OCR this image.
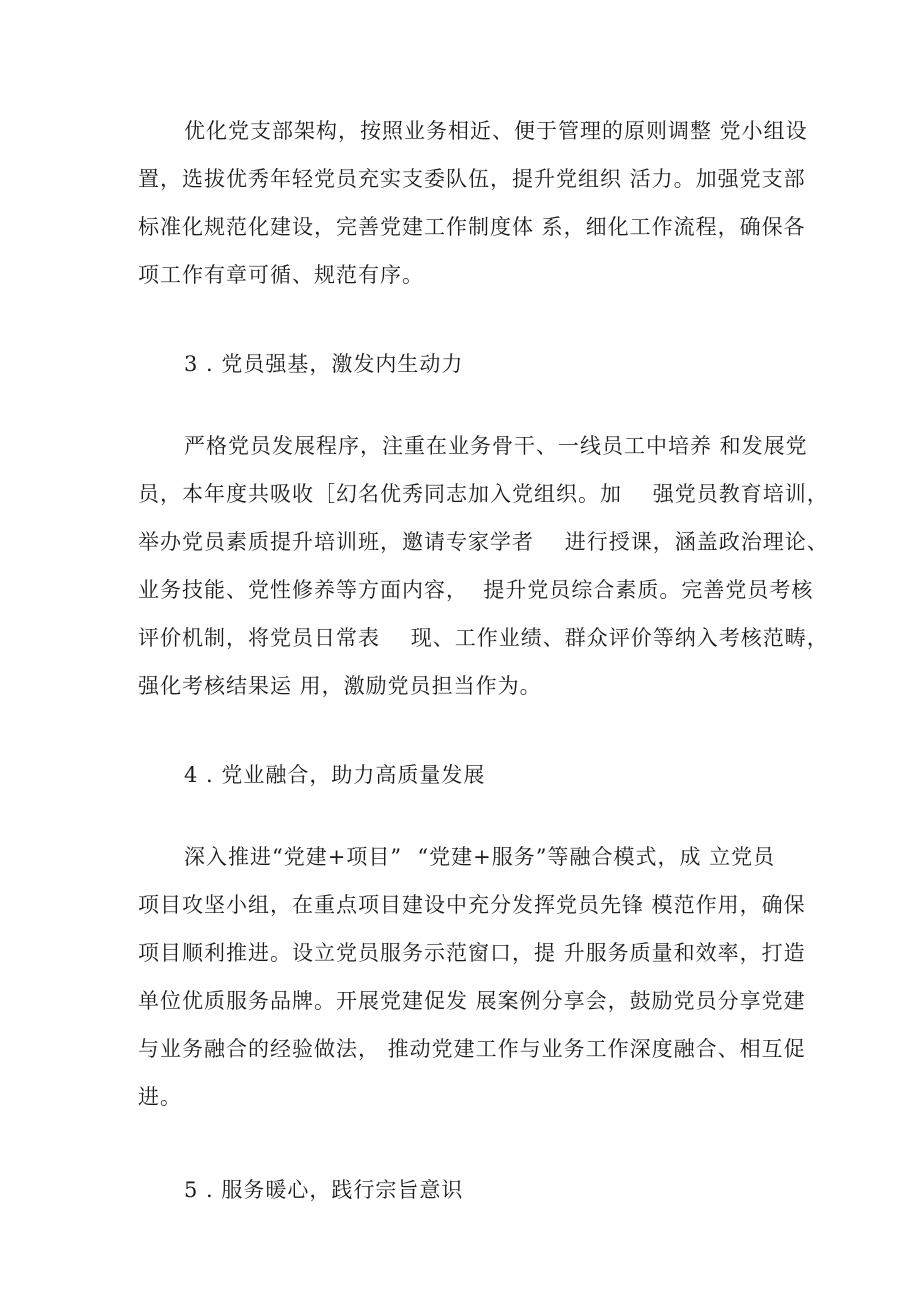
优化党支部架构，按照业务相近、便于管理的原则调整 党小组设
置，选拔优秀年轻党员充实支委队伍，提升党组织 活力。加强党支部
标准化规范化建设，完善党建工作制度体 系，细化工作流程，确保各
项工作有章可循、规范有序。
3 . 党员强基，激发内生动力
严格党员发展程序，注重在业务骨干、一线员工中培养 和发展党
员，本年度共吸收［幻名优秀同志加入党组织。加    强党员教育培训，
举办党员素质提升培训班，邀请专家学者    进行授课，涵盖政治理论、
业务技能、党性修养等方面内容，  提升党员综合素质。完善党员考核
评价机制，将党员日常表    现、工作业绩、群众评价等纳入考核范畴，
强化考核结果运 用，激励党员担当作为。
4 . 党业融合，助力高质量发展
深入推进“党建+项目”  “党建+服务”等融合模式，成 立党员
项目攻坚小组，在重点项目建设中充分发挥党员先锋 模范作用，确保
项目顺利推进。设立党员服务示范窗口，提 升服务质量和效率，打造
单位优质服务品牌。开展党建促发 展案例分享会，鼓励党员分享党建
与业务融合的经验做法， 推动党建工作与业务工作深度融合、相互促
进。
5 . 服务暖心，践行宗旨意识
